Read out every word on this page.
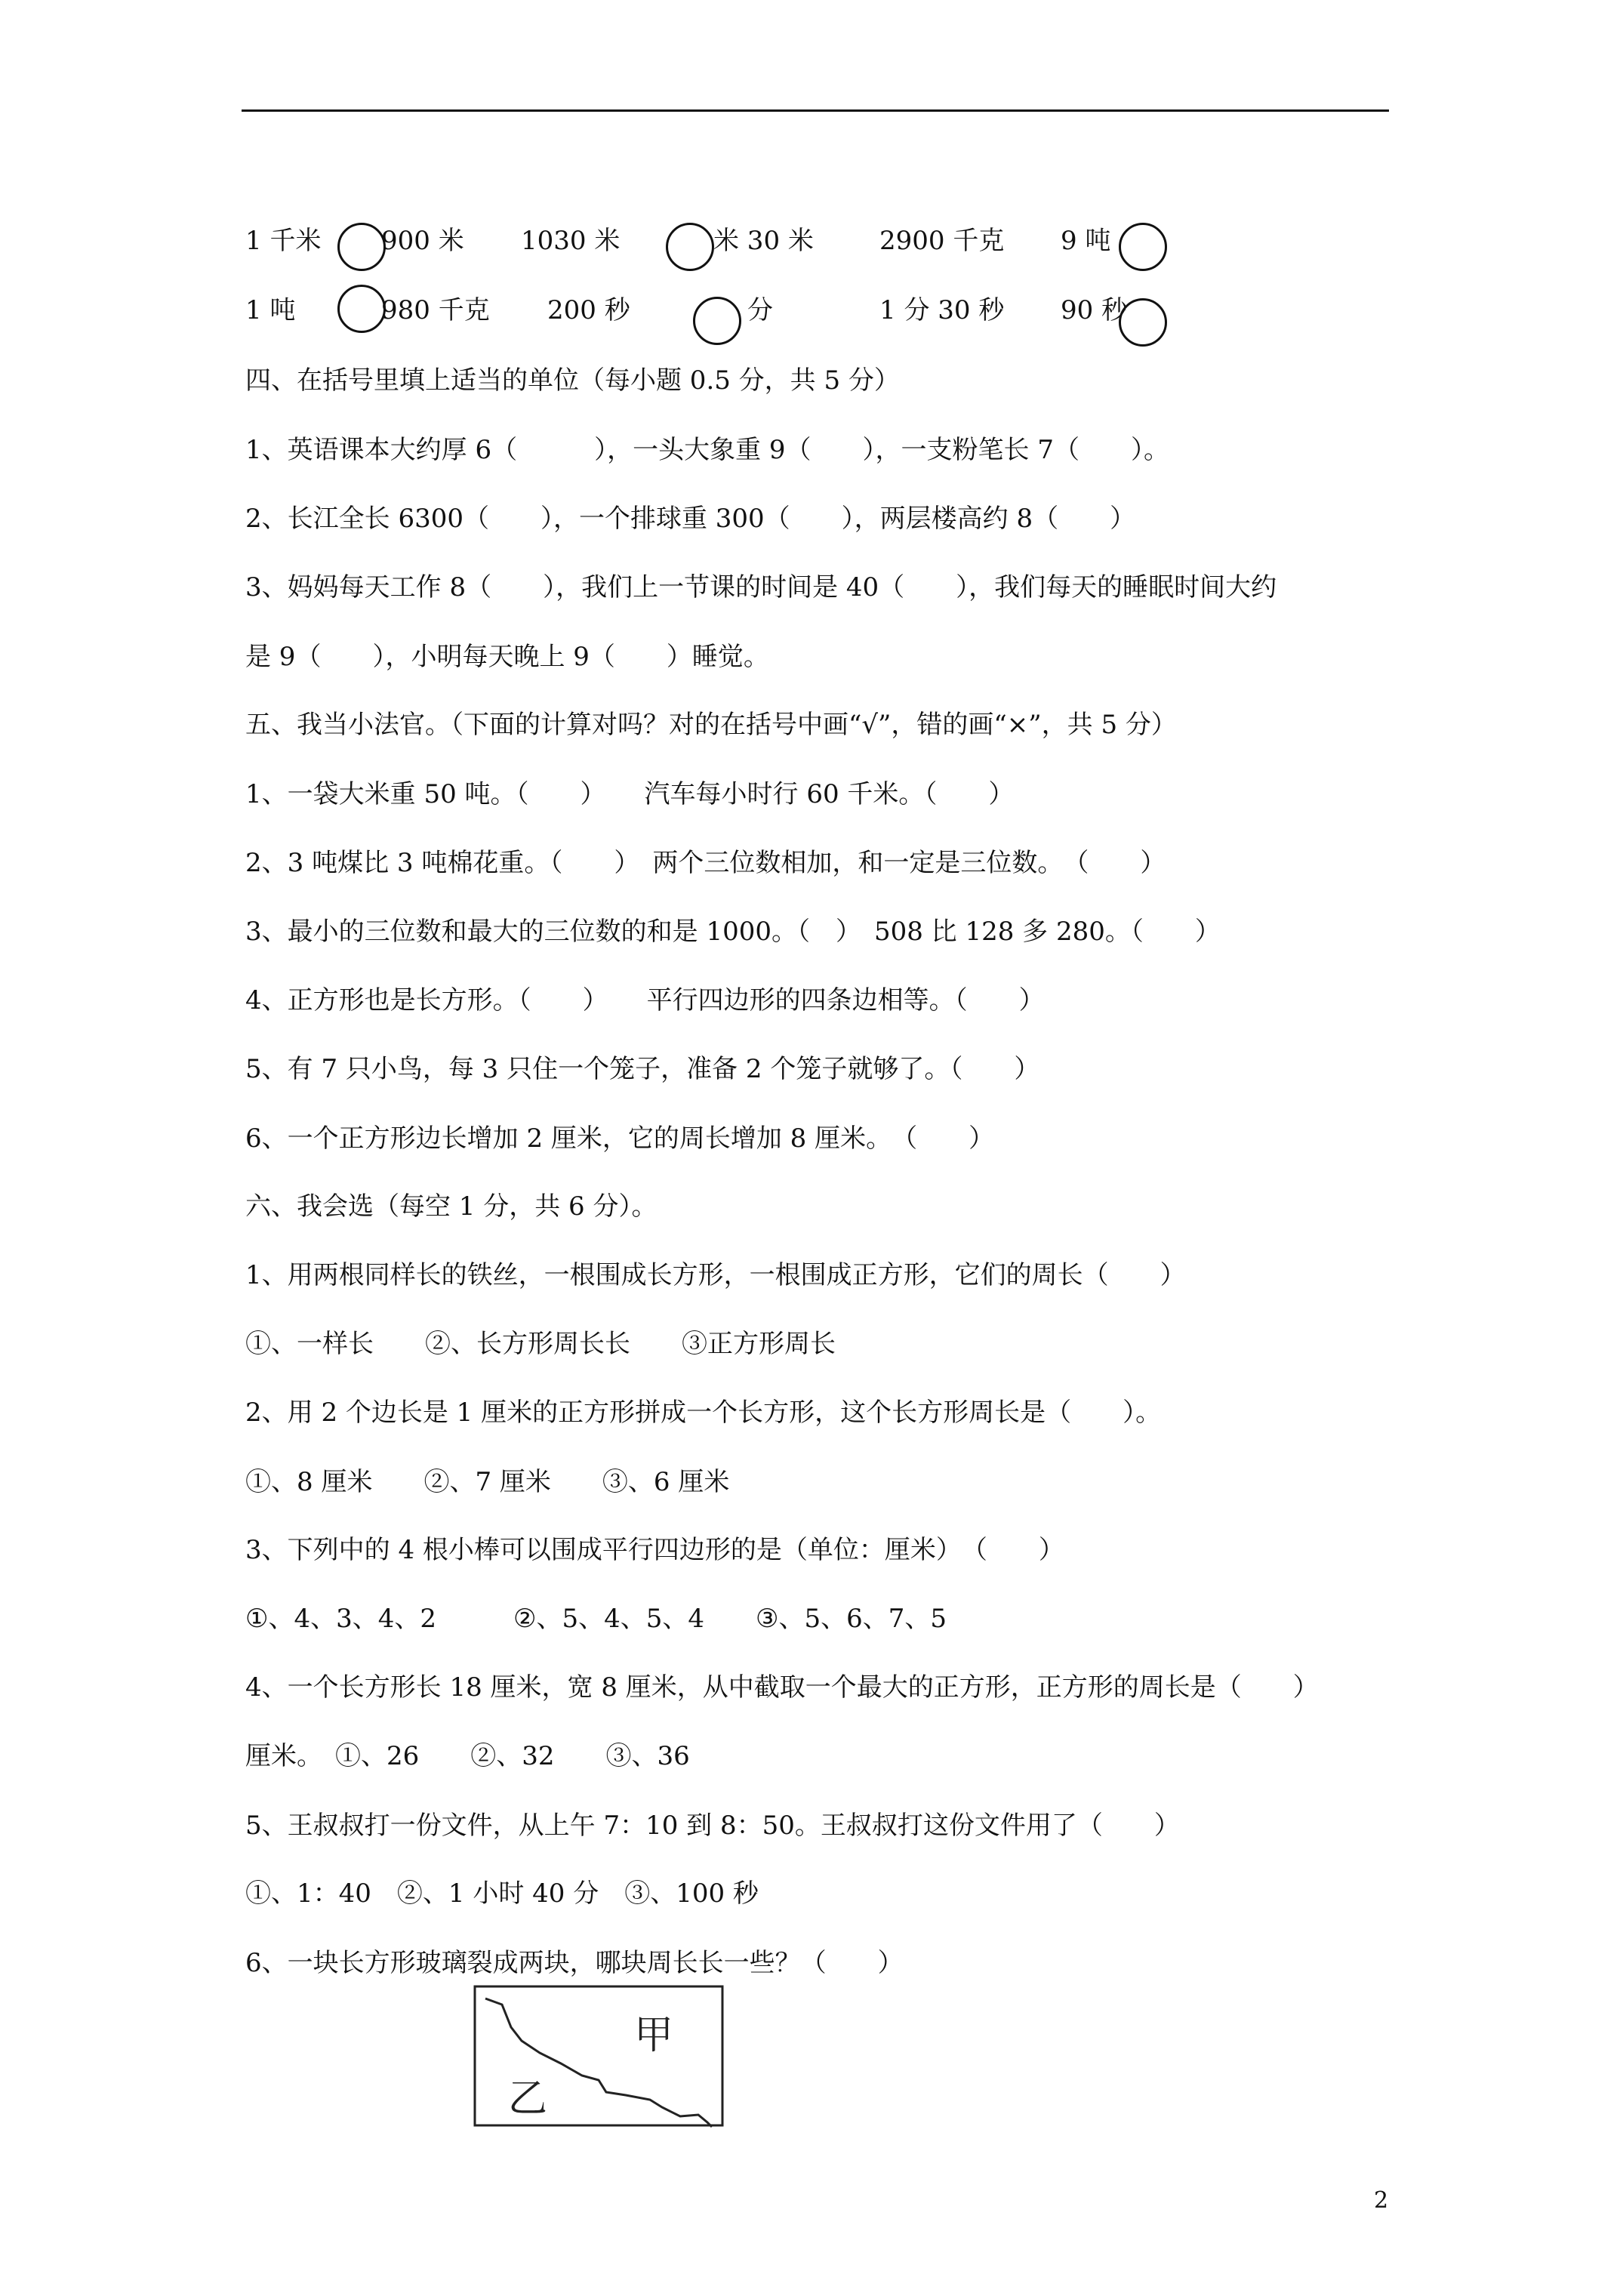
1 千米 900 米 1030 米	米 30 米	2900 千克 9 吨
1 吨	980 千克 200 秒	分	1 分 30 秒 90 秒
四、在括号里填上适当的单位（每小题 0.5 分，共 5 分）
1、英语课本大约厚 6（　　　），一头大象重 9（　　），一支粉笔长 7（　　）。
2、长江全长 6300（　　），一个排球重 300（　　），两层楼高约 8（　　）
3、妈妈每天工作 8（　　），我们上一节课的时间是 40（　　），我们每天的睡眠时间大约
是 9（　　），小明每天晚上 9（　　）睡觉。
五、我当小法官。（下面的计算对吗？对的在括号中画“√”，错的画“×”，共 5 分）
1、一袋大米重 50 吨。（　　）　　汽车每小时行 60 千米。（　　）
2、3 吨煤比 3 吨棉花重。（　　）　两个三位数相加，和一定是三位数。　（　　）
3、最小的三位数和最大的三位数的和是 1000。（　）　508 比 128 多 280。（　　）
4、正方形也是长方形。（　　）　　平行四边形的四条边相等。（　　）
5、有 7 只小鸟，每 3 只住一个笼子，准备 2 个笼子就够了。（　　）
6、一个正方形边长增加 2 厘米，它的周长增加 8 厘米。　（　　）
六、我会选（每空 1 分，共 6 分）。
1、用两根同样长的铁丝，一根围成长方形，一根围成正方形，它们的周长（　　）
①、一样长　　②、长方形周长长　　③正方形周长
2、用 2 个边长是 1 厘米的正方形拼成一个长方形，这个长方形周长是（　　）。
①、8 厘米　　②、7 厘米　　③、6 厘米
3、下列中的 4 根小棒可以围成平行四边形的是（单位：厘米）　（　　）
①、4、3、4、2　　　②、5、4、5、4　　③、5、6、7、5
4、一个长方形长 18 厘米，宽 8 厘米，从中截取一个最大的正方形，正方形的周长是（　　）
厘米。　①、26　　②、32　　③、36
5、王叔叔打一份文件，从上午 7：10 到 8：50。王叔叔打这份文件用了（　　）
①、1：40　②、1 小时 40 分　③、100 秒
6、一块长方形玻璃裂成两块，哪块周长长一些？（　　）
甲
乙
2
